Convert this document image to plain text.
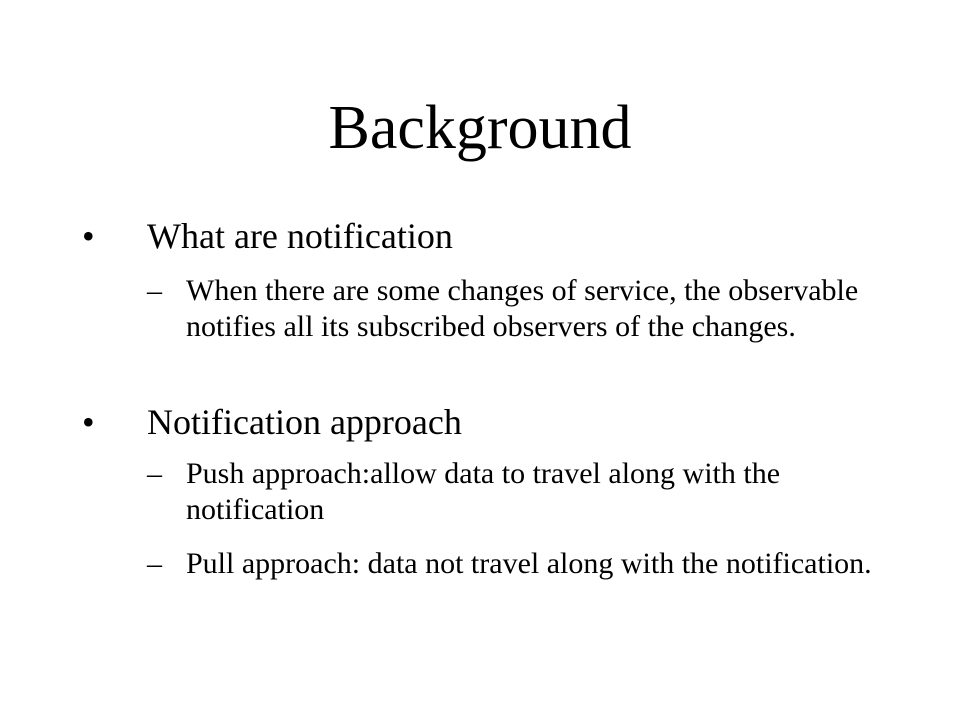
Background
• What are notification
– When there are some changes of service, the observable notifies all its subscribed observers of the changes.
• Notification approach
– Push approach:allow data to travel along with the notification
– Pull approach: data not travel along with the notification.
